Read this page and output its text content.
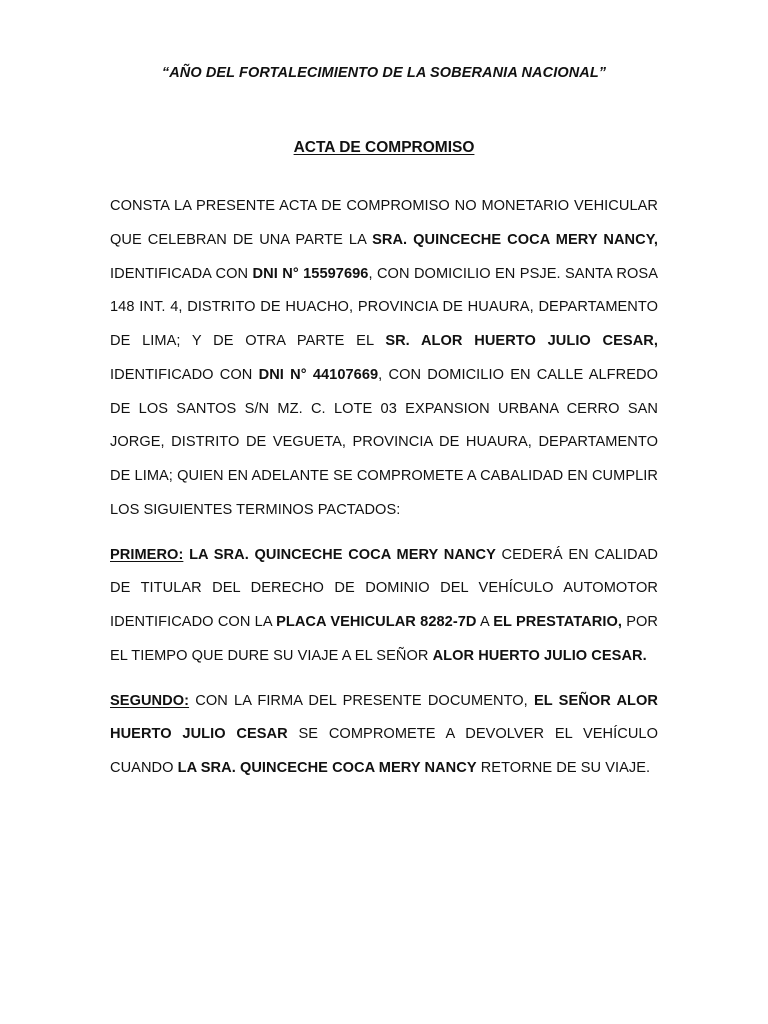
“AÑO DEL FORTALECIMIENTO DE LA SOBERANIA NACIONAL”
ACTA DE COMPROMISO

CONSTA LA PRESENTE ACTA DE COMPROMISO NO MONETARIO VEHICULAR QUE CELEBRAN DE UNA PARTE LA SRA. QUINCECHE COCA MERY NANCY, IDENTIFICADA CON DNI N° 15597696, CON DOMICILIO EN PSJE. SANTA ROSA 148 INT. 4, DISTRITO DE HUACHO, PROVINCIA DE HUAURA, DEPARTAMENTO DE LIMA; Y DE OTRA PARTE EL SR. ALOR HUERTO JULIO CESAR, IDENTIFICADO CON DNI N° 44107669, CON DOMICILIO EN CALLE ALFREDO DE LOS SANTOS S/N MZ. C. LOTE 03 EXPANSION URBANA CERRO SAN JORGE, DISTRITO DE VEGUETA, PROVINCIA DE HUAURA, DEPARTAMENTO DE LIMA; QUIEN EN ADELANTE SE COMPROMETE A CABALIDAD EN CUMPLIR LOS SIGUIENTES TERMINOS PACTADOS:

PRIMERO: LA SRA. QUINCECHE COCA MERY NANCY CEDERÁ EN CALIDAD DE TITULAR DEL DERECHO DE DOMINIO DEL VEHÍCULO AUTOMOTOR IDENTIFICADO CON LA PLACA VEHICULAR 8282-7D A EL PRESTATARIO, POR EL TIEMPO QUE DURE SU VIAJE A EL SEÑOR ALOR HUERTO JULIO CESAR.

SEGUNDO: CON LA FIRMA DEL PRESENTE DOCUMENTO, EL SEÑOR ALOR HUERTO JULIO CESAR SE COMPROMETE A DEVOLVER EL VEHÍCULO CUANDO LA SRA. QUINCECHE COCA MERY NANCY RETORNE DE SU VIAJE.
